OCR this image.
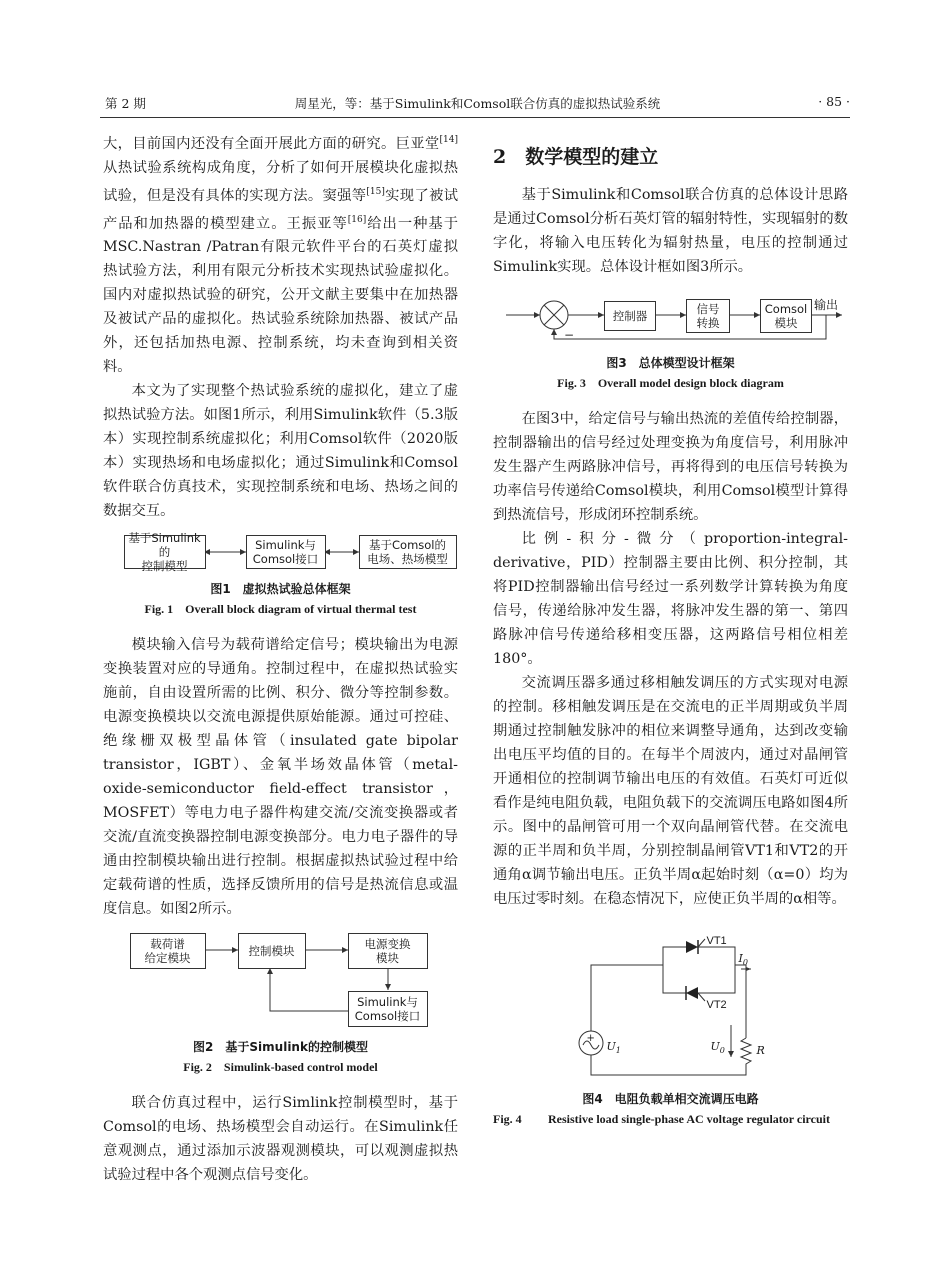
第 2 期	周星光，等：基于Simulink和Comsol联合仿真的虚拟热试验系统	· 85 ·

大，目前国内还没有全面开展此方面的研究。巨亚堂[14]从热试验系统构成角度，分析了如何开展模块化虚拟热试验，但是没有具体的实现方法。窦强等[15]实现了被试产品和加热器的模型建立。王振亚等[16]给出一种基于MSC.Nastran /Patran有限元软件平台的石英灯虚拟热试验方法，利用有限元分析技术实现热试验虚拟化。国内对虚拟热试验的研究，公开文献主要集中在加热器及被试产品的虚拟化。热试验系统除加热器、被试产品外，还包括加热电源、控制系统，均未查询到相关资料。

本文为了实现整个热试验系统的虚拟化，建立了虚拟热试验方法。如图1所示，利用Simulink软件（5.3版本）实现控制系统虚拟化；利用Comsol软件（2020版本）实现热场和电场虚拟化；通过Simulink和Comsol软件联合仿真技术，实现控制系统和电场、热场之间的数据交互。

基于Simulink的
控制模型
Simulink与
Comsol接口
基于Comsol的
电场、热场模型
图1　虚拟热试验总体框架
Fig. 1　Overall block diagram of virtual thermal test

模块输入信号为载荷谱给定信号；模块输出为电源变换装置对应的导通角。控制过程中，在虚拟热试验实施前，自由设置所需的比例、积分、微分等控制参数。电源变换模块以交流电源提供原始能源。通过可控硅、绝缘栅双极型晶体管（insulated gate bipolar transistor，IGBT）、金氧半场效晶体管（metal-oxide-semiconductor field-effect transistor，MOSFET）等电力电子器件构建交流/交流变换器或者交流/直流变换器控制电源变换部分。电力电子器件的导通由控制模块输出进行控制。根据虚拟热试验过程中给定载荷谱的性质，选择反馈所用的信号是热流信息或温度信息。如图2所示。

载荷谱
给定模块	控制模块	电源变换
模块
Simulink与
Comsol接口
图2　基于Simulink的控制模型
Fig. 2　Simulink-based control model

联合仿真过程中，运行Simlink控制模型时，基于Comsol的电场、热场模型会自动运行。在Simulink任意观测点，通过添加示波器观测模块，可以观测虚拟热试验过程中各个观测点信号变化。

2　数学模型的建立

基于Simulink和Comsol联合仿真的总体设计思路是通过Comsol分析石英灯管的辐射特性，实现辐射的数字化，将输入电压转化为辐射热量，电压的控制通过Simulink实现。总体设计框如图3所示。

−
控制器	信号
转换
Comsol
模块
输出
图3　总体模型设计框架
Fig. 3　Overall model design block diagram

在图3中，给定信号与输出热流的差值传给控制器，控制器输出的信号经过处理变换为角度信号，利用脉冲发生器产生两路脉冲信号，再将得到的电压信号转换为功率信号传递给Comsol模块，利用Comsol模型计算得到热流信号，形成闭环控制系统。

比例-积分-微分（proportion-integral-derivative，PID）控制器主要由比例、积分控制，其将PID控制器输出信号经过一系列数学计算转换为角度信号，传递给脉冲发生器，将脉冲发生器的第一、第四路脉冲信号传递给移相变压器，这两路信号相位相差180°。

交流调压器多通过移相触发调压的方式实现对电源的控制。移相触发调压是在交流电的正半周期或负半周期通过控制触发脉冲的相位来调整导通角，达到改变输出电压平均值的目的。在每半个周波内，通过对晶闸管开通相位的控制调节输出电压的有效值。石英灯可近似看作是纯电阻负载，电阻负载下的交流调压电路如图4所示。图中的晶闸管可用一个双向晶闸管代替。在交流电源的正半周和负半周，分别控制晶闸管VT1和VT2的开通角α调节输出电压。正负半周α起始时刻（α=0）均为电压过零时刻。在稳态情况下，应使正负半周的α相等。

VT1
VT2
$I_0$
$U_1$	$U_0$	R
+
图4　电阻负载单相交流调压电路
Fig. 4	Resistive load single-phase AC voltage regulator circuit
